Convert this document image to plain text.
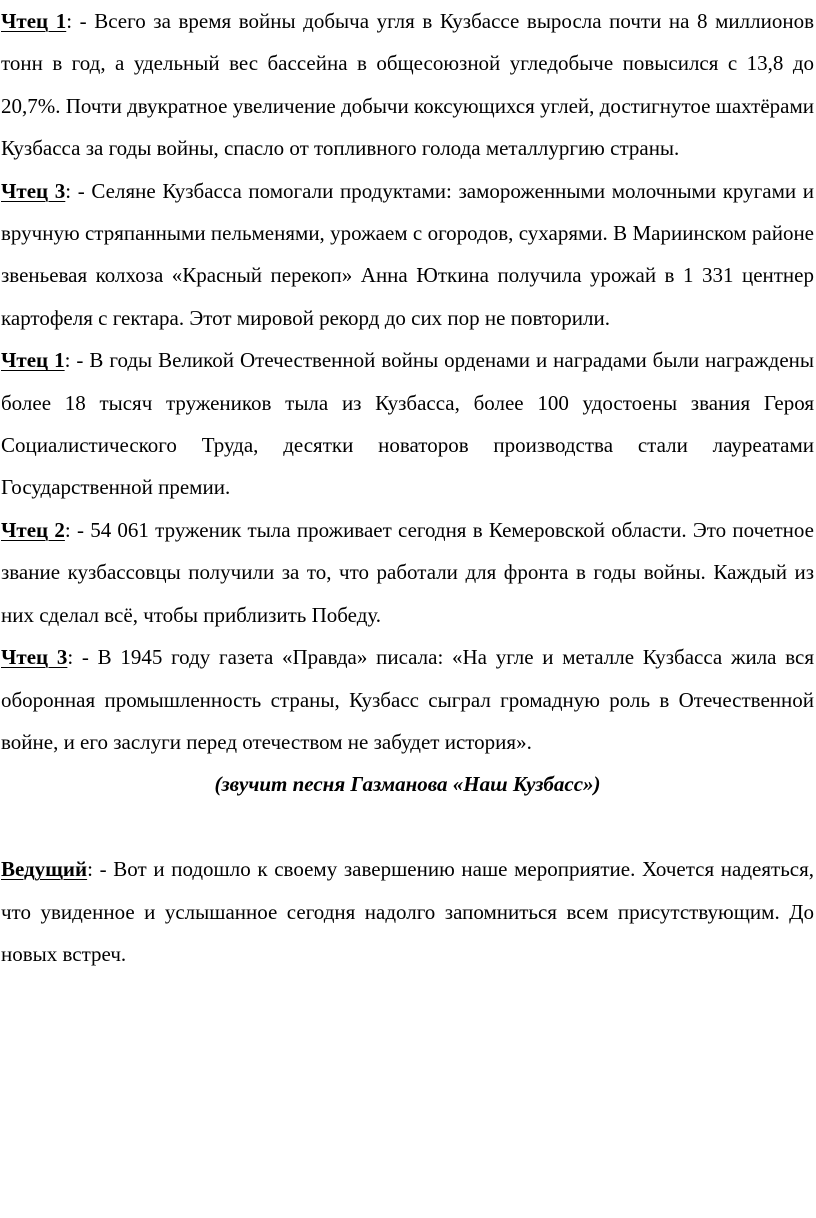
Чтец 1: - Всего за время войны добыча угля в Кузбассе выросла почти на 8 миллионов тонн в год, а удельный вес бассейна в общесоюзной угледобыче повысился с 13,8 до 20,7%. Почти двукратное увеличение добычи коксующихся углей, достигнутое шахтёрами Кузбасса за годы войны, спасло от топливного голода металлургию страны.

Чтец 3: - Селяне Кузбасса помогали продуктами: замороженными молочными кругами и вручную стряпанными пельменями, урожаем с огородов, сухарями. В Мариинском районе звеньевая колхоза «Красный перекоп» Анна Юткина получила урожай в 1 331 центнер картофеля с гектара. Этот мировой рекорд до сих пор не повторили.

Чтец 1: - В годы Великой Отечественной войны орденами и наградами были награждены более 18 тысяч тружеников тыла из Кузбасса, более 100 удостоены звания Героя Социалистического Труда, десятки новаторов производства стали лауреатами Государственной премии.

Чтец 2: - 54 061 труженик тыла проживает сегодня в Кемеровской области. Это почетное звание кузбассовцы получили за то, что работали для фронта в годы войны. Каждый из них сделал всё, чтобы приблизить Победу.

Чтец 3: - В 1945 году газета «Правда» писала: «На угле и металле Кузбасса жила вся оборонная промышленность страны, Кузбасс сыграл громадную роль в Отечественной войне, и его заслуги перед отечеством не забудет история».

(звучит песня Газманова «Наш Кузбасс»)

Ведущий: - Вот и подошло к своему завершению наше мероприятие. Хочется надеяться, что увиденное и услышанное сегодня надолго запомниться всем присутствующим. До новых встреч.
